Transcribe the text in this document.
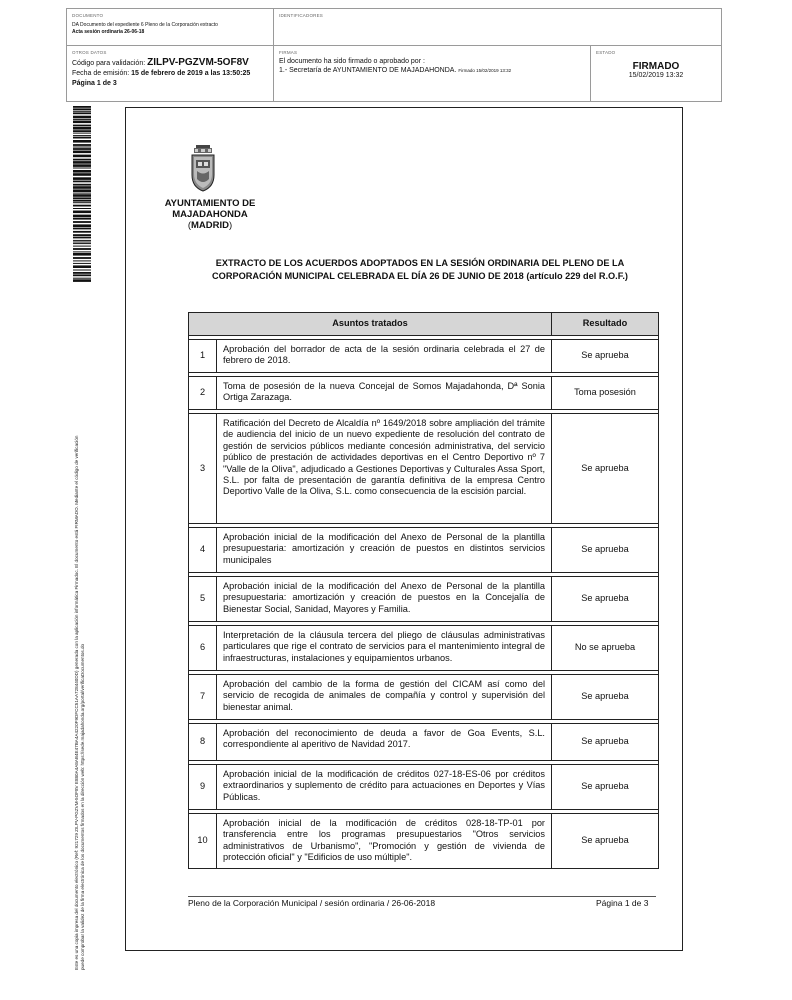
DOCUMENTO
DA Documento del expediente 6 Pleno de la Corporación extracto
Acta sesión ordinaria 26-06-18
IDENTIFICADORES
OTROS DATOS
Código para validación: ZILPV-PGZVM-5OF8V
Fecha de emisión: 15 de febrero de 2019 a las 13:50:25
Página 1 de 3
FIRMAS
El documento ha sido firmado o aprobado por :
1.- Secretaría de AYUNTAMIENTO DE MAJADAHONDA. Firmado 15/02/2019 13:32
ESTADO
FIRMADO
15/02/2019 13:32
Este es una copia impresa del documento electrónico (Ref: 921729 ZILPV-PGZVM-5OF8V E880A4A8AB4E47BA4A4220F9DFCC51AA728440DD) generada con la aplicación informática Firmadoc. El documento está FIRMADO. Mediante el código de verificación puede comprobar la validez de la firma electrónica de los documentos firmados en la dirección web: https://sede.majadahonda.org/portal/verificaDocumentos.do
AYUNTAMIENTO DE
MAJADAHONDA
(MADRID)
EXTRACTO DE LOS ACUERDOS ADOPTADOS EN LA SESIÓN ORDINARIA DEL PLENO DE LA
CORPORACIÓN MUNICIPAL CELEBRADA EL DÍA 26 DE JUNIO DE 2018 (artículo 229 del R.O.F.)
Asuntos tratados		Resultado

1	Aprobación del borrador de acta de la sesión ordinaria celebrada el 27 de febrero de 2018.	Se aprueba

2	Toma de posesión de la nueva Concejal de Somos Majadahonda, Dª Sonia Ortiga Zarazaga.	Toma posesión

3	Ratificación del Decreto de Alcaldía nº 1649/2018 sobre ampliación del trámite de audiencia del inicio de un nuevo expediente de resolución del contrato de gestión de servicios públicos mediante concesión administrativa, del servicio público de prestación de actividades deportivas en el Centro Deportivo nº 7 "Valle de la Oliva", adjudicado a Gestiones Deportivas y Culturales Assa Sport, S.L. por falta de presentación de garantía definitiva de la empresa Centro Deportivo Valle de la Oliva, S.L. como consecuencia de la escisión parcial.	Se aprueba

4	Aprobación inicial de la modificación del Anexo de Personal de la plantilla presupuestaria: amortización y creación de puestos en distintos servicios municipales	Se aprueba

5	Aprobación inicial de la modificación del Anexo de Personal de la plantilla presupuestaria: amortización y creación de puestos en la Concejalía de Bienestar Social, Sanidad, Mayores y Familia.	Se aprueba

6	Interpretación de la cláusula tercera del pliego de cláusulas administrativas particulares que rige el contrato de servicios para el mantenimiento integral de infraestructuras, instalaciones y equipamientos urbanos.	No se aprueba

7	Aprobación del cambio de la forma de gestión del CICAM así como del servicio de recogida de animales de compañía y control y supervisión del bienestar animal.	Se aprueba

8	Aprobación del reconocimiento de deuda a favor de Goa Events, S.L. correspondiente al aperitivo de Navidad 2017.	Se aprueba

9	Aprobación inicial de la modificación de créditos 027-18-ES-06 por créditos extraordinarios y suplemento de crédito para actuaciones en Deportes y Vías Públicas.	Se aprueba

10	Aprobación inicial de la modificación de créditos 028-18-TP-01 por transferencia entre los programas presupuestarios "Otros servicios administrativos de Urbanismo", "Promoción y gestión de vivienda de protección oficial" y "Edificios de uso múltiple".	Se aprueba
Pleno de la Corporación Municipal / sesión ordinaria / 26-06-2018	Página 1 de 3
